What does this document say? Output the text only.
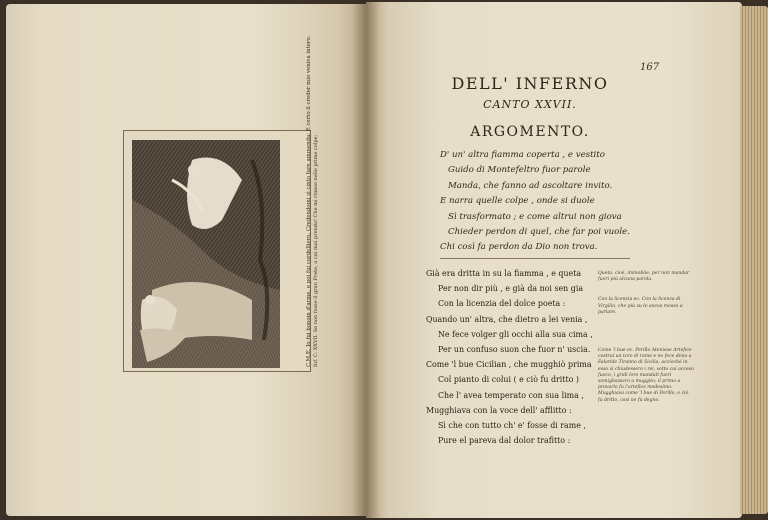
C.M.E. Io fui bonom d'arme, e poi fui cordelliero, Credendomi sì cinto fare ammenda: E certo il creder mio veniva intero. Inf. C. XXVII. Se non fosse il gran Prete, a cui mal prenda! Che mi rimise nelle prime colpe;
167
DELL' INFERNO
CANTO XXVII.
ARGOMENTO.
D' un' altra fiamma coperta , e vestito
Guido di Montefeltro fuor parole
Manda, che fanno ad ascoltare invito.
E narra quelle colpe , onde si duole
Sì trasformato ; e come altrui non giova
Chieder perdon di quel, che far poi vuole.
Chi così fa perdon da Dio non trova.
Già era dritta in su la fiamma , e queta
Per non dir più , e già da noi sen gia
Con la licenzia del dolce poeta :
Quando un' altra, che dietro a lei venia ,
Ne fece volger gli occhi alla sua cima ,
Per un confuso suon che fuor n' uscia.
Come 'l bue Cicilian , che mugghiò prima
Col pianto di colui ( e ciò fu dritto )
Che l' avea temperato con sua lima ,
Mugghiava con la voce dell' afflitto :
Sì che con tutto ch' e' fosse di rame ,
Pure el pareva dal dolor trafitto :
Queta, cioè, immobile, per non mandar fuori più alcuna parola.
Con la licenzia ec. Con la licenza di Virgilio, che più su lo aveva mosso a parlare.
Come 'l bue ec. Perillo Ateniese Artefice costruì un toro di rame e ne fece dono a Falaride Tiranno di Sicilia, accioché in esso si chiudessero i rei, sotto cui acceso fuoco, i gridi loro mandati fuori somigliassero a muggito; il primo a provarlo fu l'artefice medesimo. Mugghiava come 'l bue di Perillo, e ciò fu dritto, così ne fu degno.
